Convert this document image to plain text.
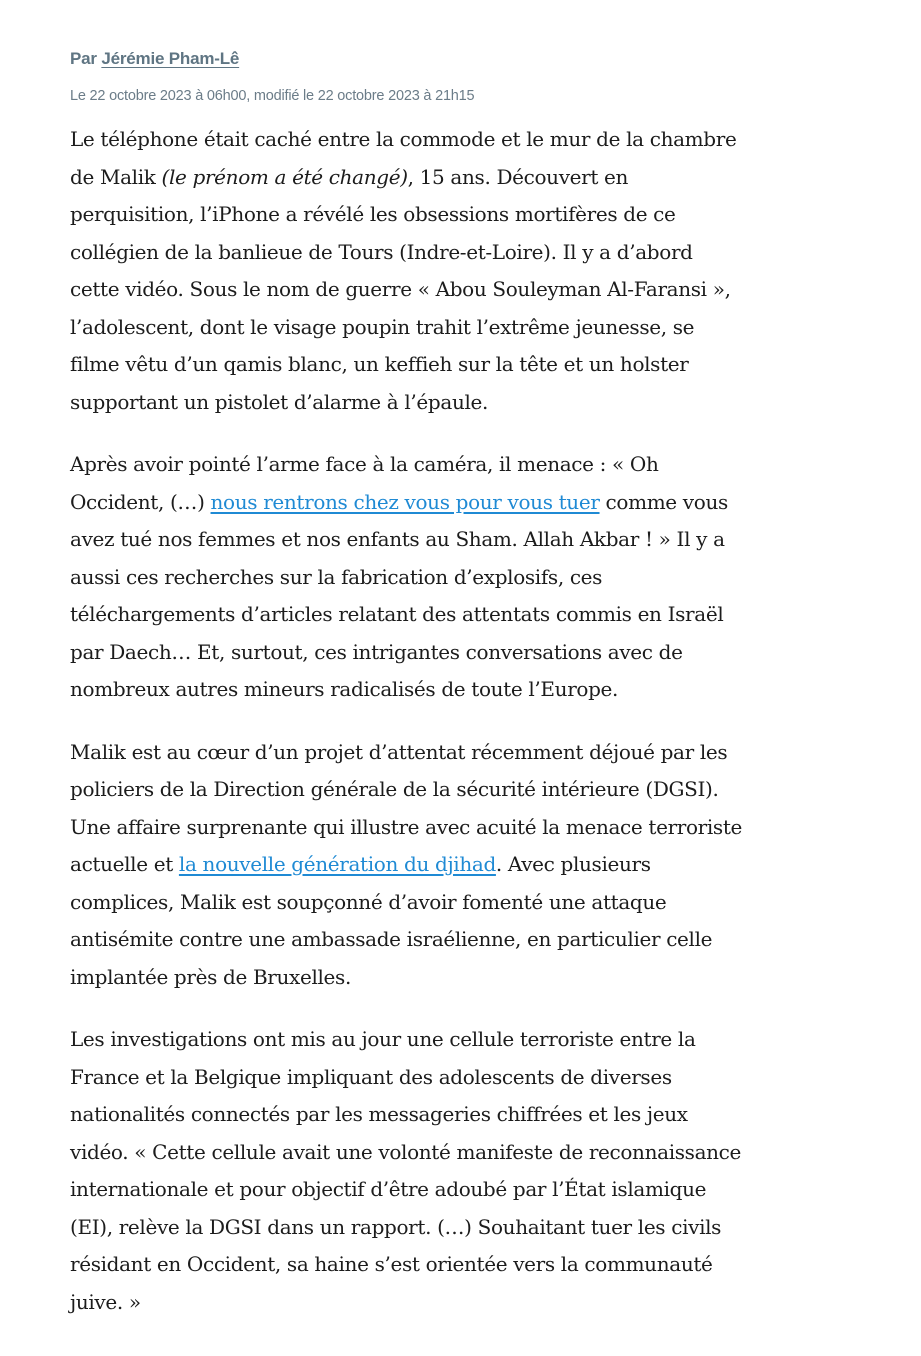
Par Jérémie Pham-Lê

Le 22 octobre 2023 à 06h00, modifié le 22 octobre 2023 à 21h15

Le téléphone était caché entre la commode et le mur de la chambre
de Malik (le prénom a été changé), 15 ans. Découvert en
perquisition, l’iPhone a révélé les obsessions mortifères de ce
collégien de la banlieue de Tours (Indre-et-Loire). Il y a d’abord
cette vidéo. Sous le nom de guerre « Abou Souleyman Al-Faransi »,
l’adolescent, dont le visage poupin trahit l’extrême jeunesse, se
filme vêtu d’un qamis blanc, un keffieh sur la tête et un holster
supportant un pistolet d’alarme à l’épaule.

Après avoir pointé l’arme face à la caméra, il menace : « Oh
Occident, (…) nous rentrons chez vous pour vous tuer comme vous
avez tué nos femmes et nos enfants au Sham. Allah Akbar ! » Il y a
aussi ces recherches sur la fabrication d’explosifs, ces
téléchargements d’articles relatant des attentats commis en Israël
par Daech… Et, surtout, ces intrigantes conversations avec de
nombreux autres mineurs radicalisés de toute l’Europe.

Malik est au cœur d’un projet d’attentat récemment déjoué par les
policiers de la Direction générale de la sécurité intérieure (DGSI).
Une affaire surprenante qui illustre avec acuité la menace terroriste
actuelle et la nouvelle génération du djihad. Avec plusieurs
complices, Malik est soupçonné d’avoir fomenté une attaque
antisémite contre une ambassade israélienne, en particulier celle
implantée près de Bruxelles.

Les investigations ont mis au jour une cellule terroriste entre la
France et la Belgique impliquant des adolescents de diverses
nationalités connectés par les messageries chiffrées et les jeux
vidéo. « Cette cellule avait une volonté manifeste de reconnaissance
internationale et pour objectif d’être adoubé par l’État islamique
(EI), relève la DGSI dans un rapport. (…) Souhaitant tuer les civils
résidant en Occident, sa haine s’est orientée vers la communauté
juive. »
